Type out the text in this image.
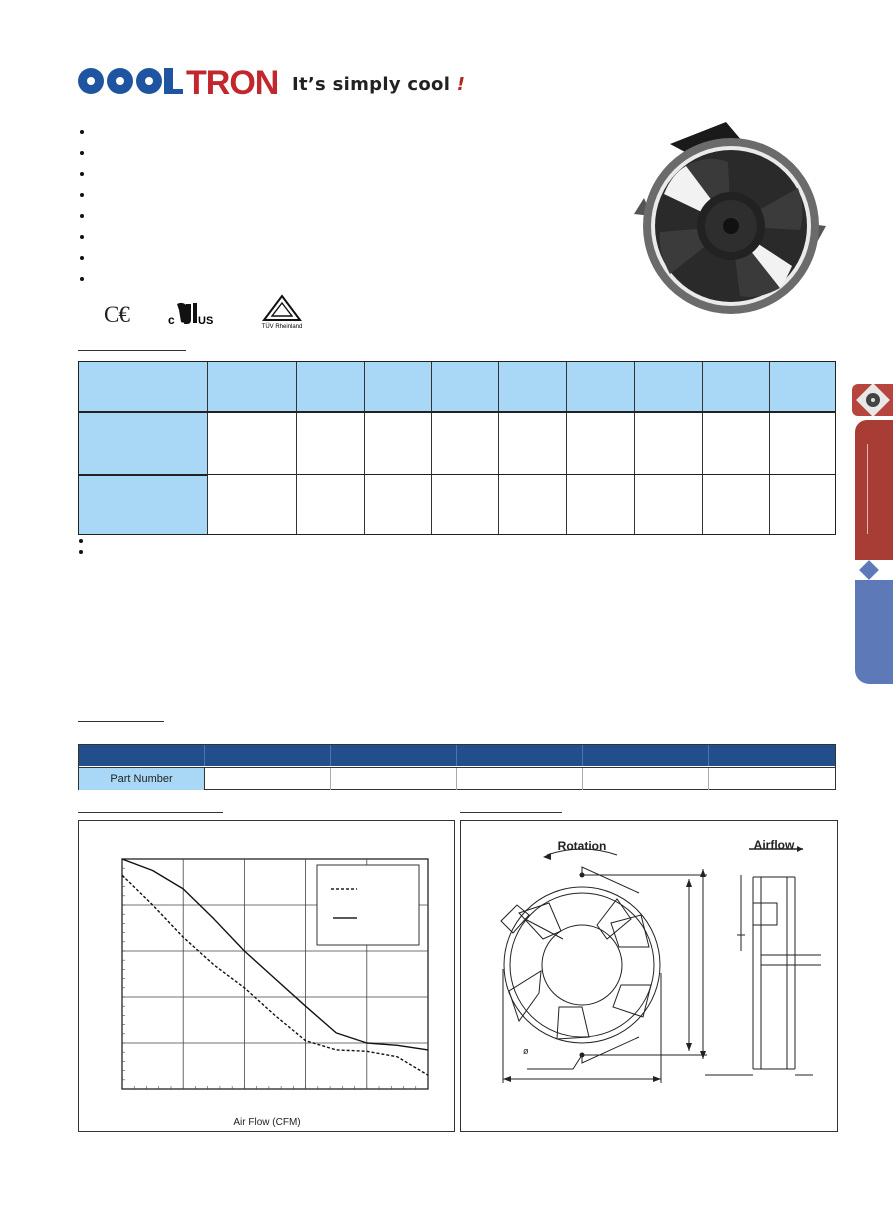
TRON It’s simply cool !
C€	c US	TÜV Rheinland
Part Number
Air Flow (CFM)
Rotation	Airflow
ø
